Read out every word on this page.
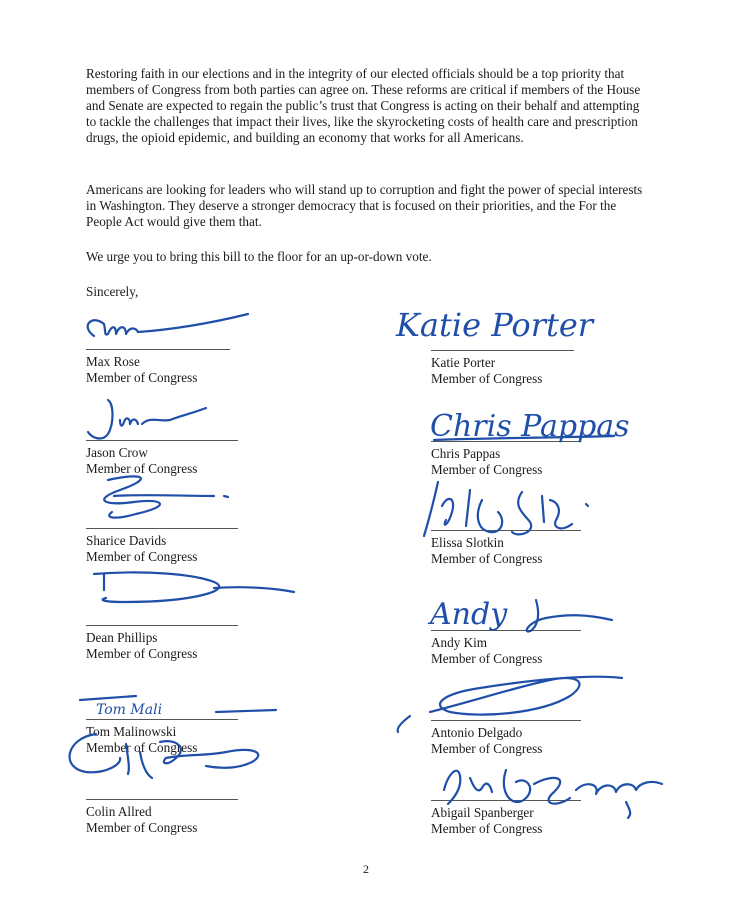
Restoring faith in our elections and in the integrity of our elected officials should be a top priority that members of Congress from both parties can agree on. These reforms are critical if members of the House and Senate are expected to regain the public’s trust that Congress is acting on their behalf and attempting to tackle the challenges that impact their lives, like the skyrocketing costs of health care and prescription drugs, the opioid epidemic, and building an economy that works for all Americans.

Americans are looking for leaders who will stand up to corruption and fight the power of special interests in Washington. They deserve a stronger democracy that is focused on their priorities, and the For the People Act would give them that.

We urge you to bring this bill to the floor for an up-or-down vote.

Sincerely,
Max Rose
Member of Congress
Jason Crow
Member of Congress
Sharice Davids
Member of Congress
Dean Phillips
Member of Congress
Tom Malinowski
Member of Congress
Colin Allred
Member of Congress
Katie Porter
Member of Congress
Chris Pappas
Member of Congress
Elissa Slotkin
Member of Congress
Andy Kim
Member of Congress
Antonio Delgado
Member of Congress
Abigail Spanberger
Member of Congress
Tom Mali
Katie Porter
Chris Pappas
Andy
2
